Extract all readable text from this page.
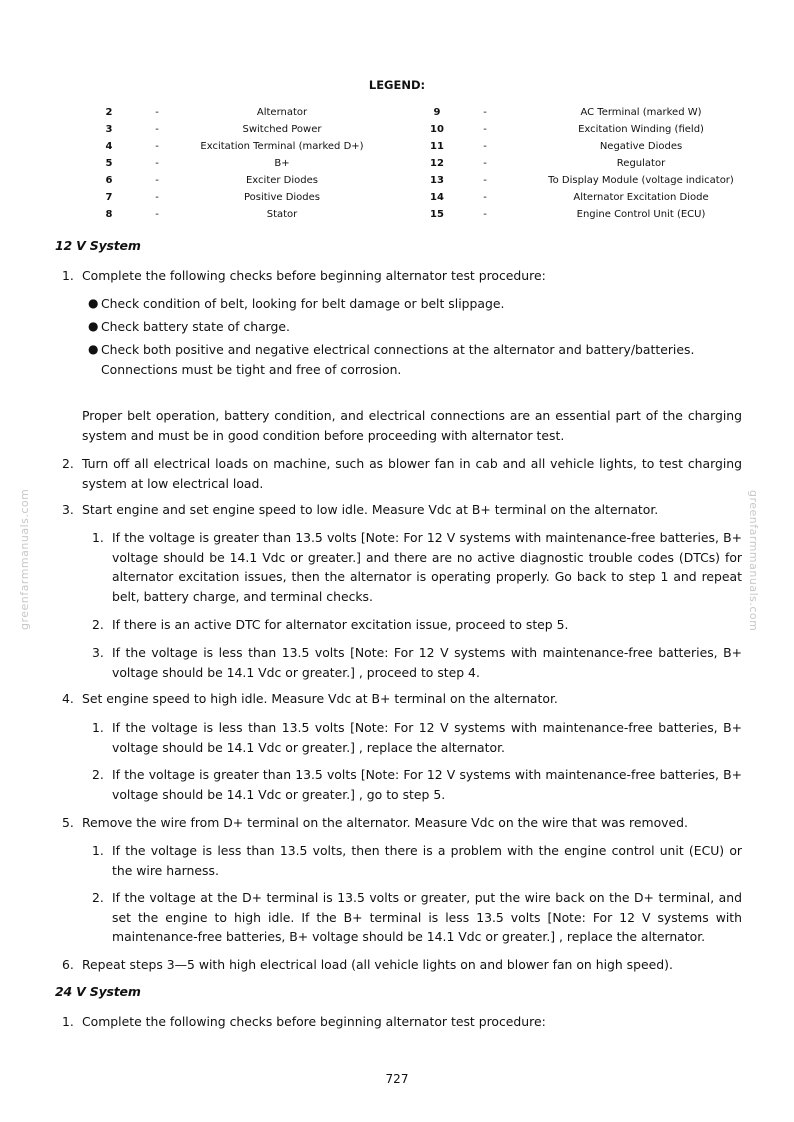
greenfarmmanuals.com	greenfarmmanuals.com
LEGEND:
2	-	Alternator		9	-	AC Terminal (marked W)
3	-	Switched Power		10	-	Excitation Winding (field)
4	-	Excitation Terminal (marked D+)		11	-	Negative Diodes
5	-	B+		12	-	Regulator
6	-	Exciter Diodes		13	-	To Display Module (voltage indicator)
7	-	Positive Diodes		14	-	Alternator Excitation Diode
8	-	Stator		15	-	Engine Control Unit (ECU)
12 V System
1. Complete the following checks before beginning alternator test procedure:
● Check condition of belt, looking for belt damage or belt slippage.
● Check battery state of charge.
● Check both positive and negative electrical connections at the alternator and battery/batteries. Connections must be tight and free of corrosion.
Proper belt operation, battery condition, and electrical connections are an essential part of the charging system and must be in good condition before proceeding with alternator test.
2. Turn off all electrical loads on machine, such as blower fan in cab and all vehicle lights, to test charging system at low electrical load.
3. Start engine and set engine speed to low idle. Measure Vdc at B+ terminal on the alternator.
1. If the voltage is greater than 13.5 volts [Note: For 12 V systems with maintenance-free batteries, B+ voltage should be 14.1 Vdc or greater.] and there are no active diagnostic trouble codes (DTCs) for alternator excitation issues, then the alternator is operating properly. Go back to step 1 and repeat belt, battery charge, and terminal checks.
2. If there is an active DTC for alternator excitation issue, proceed to step 5.
3. If the voltage is less than 13.5 volts [Note: For 12 V systems with maintenance-free batteries, B+ voltage should be 14.1 Vdc or greater.] , proceed to step 4.
4. Set engine speed to high idle. Measure Vdc at B+ terminal on the alternator.
1. If the voltage is less than 13.5 volts [Note: For 12 V systems with maintenance-free batteries, B+ voltage should be 14.1 Vdc or greater.] , replace the alternator.
2. If the voltage is greater than 13.5 volts [Note: For 12 V systems with maintenance-free batteries, B+ voltage should be 14.1 Vdc or greater.] , go to step 5.
5. Remove the wire from D+ terminal on the alternator. Measure Vdc on the wire that was removed.
1. If the voltage is less than 13.5 volts, then there is a problem with the engine control unit (ECU) or the wire harness.
2. If the voltage at the D+ terminal is 13.5 volts or greater, put the wire back on the D+ terminal, and set the engine to high idle. If the B+ terminal is less 13.5 volts [Note: For 12 V systems with maintenance-free batteries, B+ voltage should be 14.1 Vdc or greater.] , replace the alternator.
6. Repeat steps 3—5 with high electrical load (all vehicle lights on and blower fan on high speed).
24 V System
1. Complete the following checks before beginning alternator test procedure:
727
